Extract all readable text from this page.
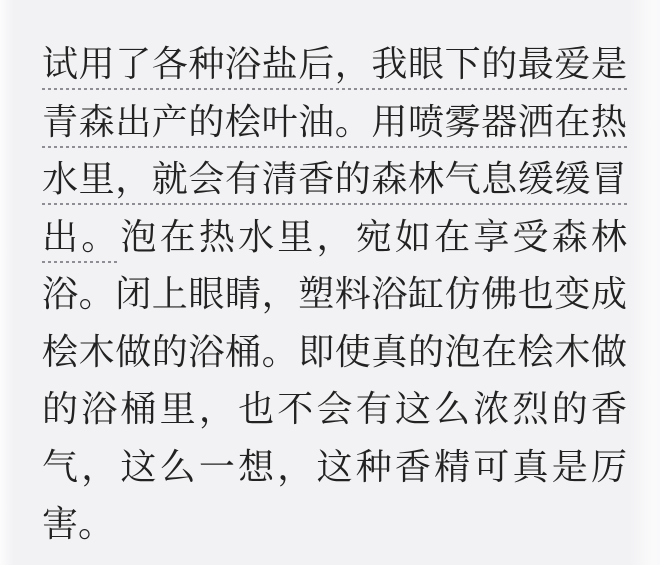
试用了各种浴盐后，我眼下的最爱是
青森出产的桧叶油。用喷雾器洒在热
水里，就会有清香的森林气息缓缓冒
出。泡在热水里，宛如在享受森林
浴。闭上眼睛，塑料浴缸仿佛也变成
桧木做的浴桶。即使真的泡在桧木做
的浴桶里，也不会有这么浓烈的香
气，这么一想，这种香精可真是厉
害。
